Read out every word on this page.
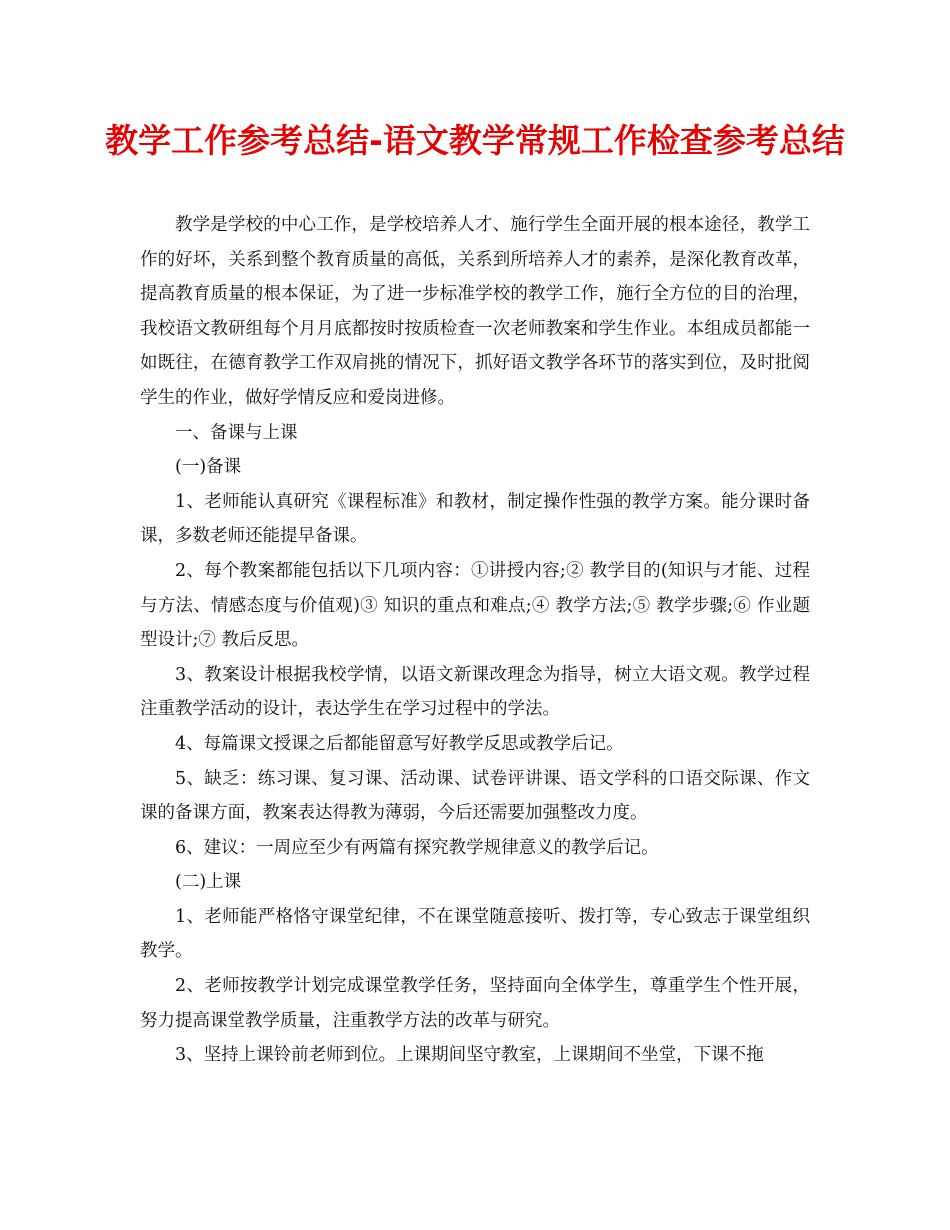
教学工作参考总结-语文教学常规工作检查参考总结

教学是学校的中心工作，是学校培养人才、施行学生全面开展的根本途径，教学工作的好坏，关系到整个教育质量的高低，关系到所培养人才的素养，是深化教育改革，提高教育质量的根本保证，为了进一步标准学校的教学工作，施行全方位的目的治理，我校语文教研组每个月月底都按时按质检查一次老师教案和学生作业。本组成员都能一如既往，在德育教学工作双肩挑的情况下，抓好语文教学各环节的落实到位，及时批阅学生的作业，做好学情反应和爱岗进修。

一、备课与上课

(一)备课

1、老师能认真研究《课程标准》和教材，制定操作性强的教学方案。能分课时备课，多数老师还能提早备课。

2、每个教案都能包括以下几项内容：①讲授内容;② 教学目的(知识与才能、过程与方法、情感态度与价值观)③ 知识的重点和难点;④ 教学方法;⑤ 教学步骤;⑥ 作业题型设计;⑦ 教后反思。

3、教案设计根据我校学情，以语文新课改理念为指导，树立大语文观。教学过程注重教学活动的设计，表达学生在学习过程中的学法。

4、每篇课文授课之后都能留意写好教学反思或教学后记。

5、缺乏：练习课、复习课、活动课、试卷评讲课、语文学科的口语交际课、作文课的备课方面，教案表达得教为薄弱，今后还需要加强整改力度。

6、建议：一周应至少有两篇有探究教学规律意义的教学后记。

(二)上课

1、老师能严格恪守课堂纪律，不在课堂随意接听、拨打等，专心致志于课堂组织教学。

2、老师按教学计划完成课堂教学任务，坚持面向全体学生，尊重学生个性开展，努力提高课堂教学质量，注重教学方法的改革与研究。

3、坚持上课铃前老师到位。上课期间坚守教室，上课期间不坐堂，下课不拖
